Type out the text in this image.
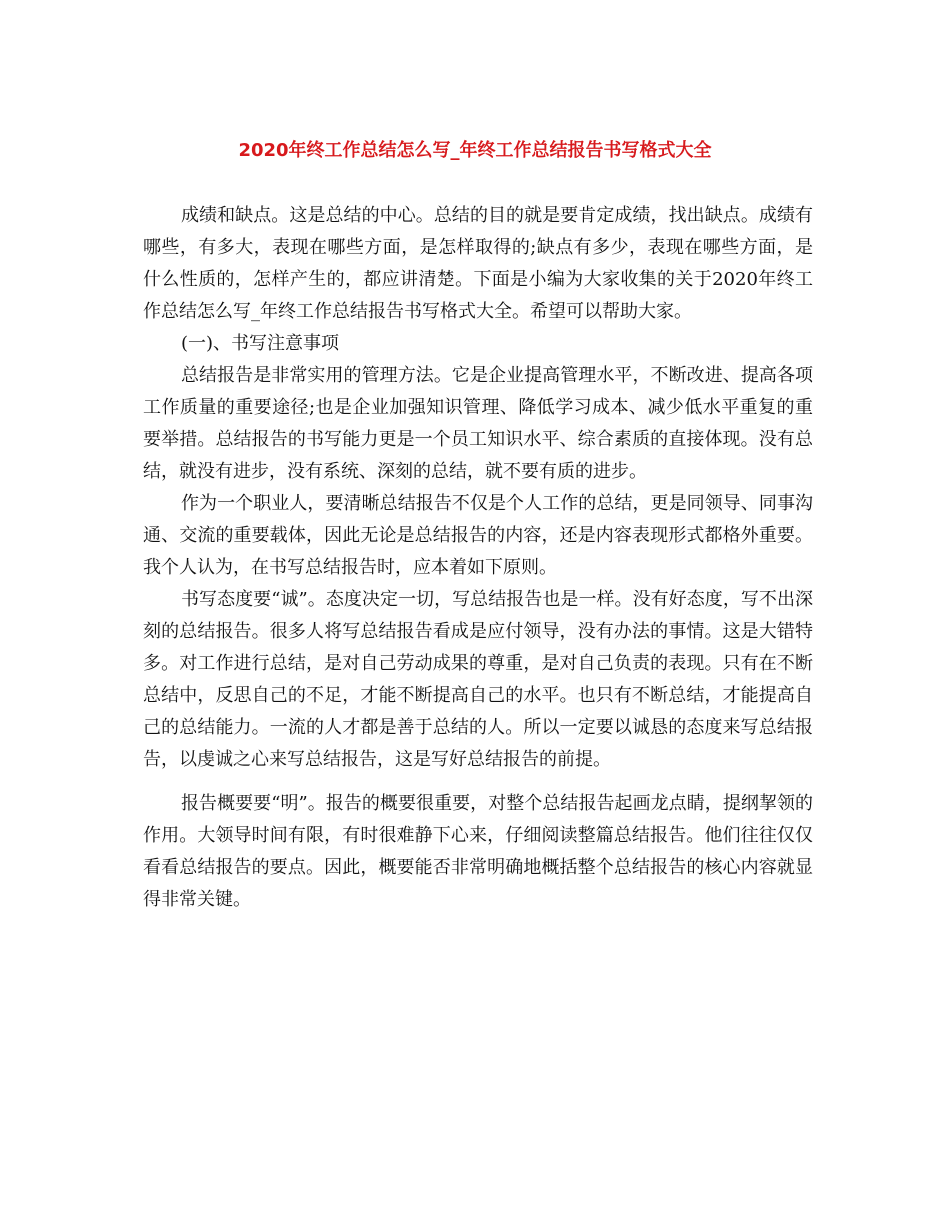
2020年终工作总结怎么写_年终工作总结报告书写格式大全

成绩和缺点。这是总结的中心。总结的目的就是要肯定成绩，找出缺点。成绩有哪些，有多大，表现在哪些方面，是怎样取得的;缺点有多少，表现在哪些方面，是什么性质的，怎样产生的，都应讲清楚。下面是小编为大家收集的关于2020年终工作总结怎么写_年终工作总结报告书写格式大全。希望可以帮助大家。

(一)、书写注意事项

总结报告是非常实用的管理方法。它是企业提高管理水平，不断改进、提高各项工作质量的重要途径;也是企业加强知识管理、降低学习成本、减少低水平重复的重要举措。总结报告的书写能力更是一个员工知识水平、综合素质的直接体现。没有总结，就没有进步，没有系统、深刻的总结，就不要有质的进步。

作为一个职业人，要清晰总结报告不仅是个人工作的总结，更是同领导、同事沟通、交流的重要载体，因此无论是总结报告的内容，还是内容表现形式都格外重要。我个人认为，在书写总结报告时，应本着如下原则。

书写态度要“诚”。态度决定一切，写总结报告也是一样。没有好态度，写不出深刻的总结报告。很多人将写总结报告看成是应付领导，没有办法的事情。这是大错特多。对工作进行总结，是对自己劳动成果的尊重，是对自己负责的表现。只有在不断总结中，反思自己的不足，才能不断提高自己的水平。也只有不断总结，才能提高自己的总结能力。一流的人才都是善于总结的人。所以一定要以诚恳的态度来写总结报告，以虔诚之心来写总结报告，这是写好总结报告的前提。

报告概要要“明”。报告的概要很重要，对整个总结报告起画龙点睛，提纲挈领的作用。大领导时间有限，有时很难静下心来，仔细阅读整篇总结报告。他们往往仅仅看看总结报告的要点。因此，概要能否非常明确地概括整个总结报告的核心内容就显得非常关键。
